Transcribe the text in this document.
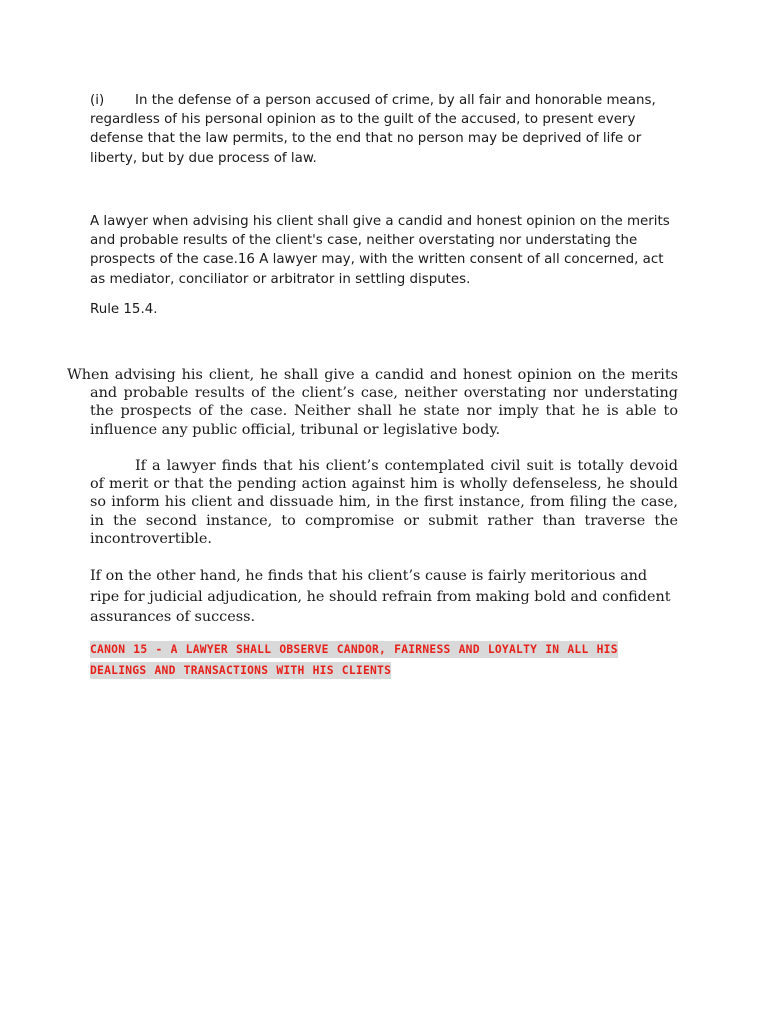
(i) In the defense of a person accused of crime, by all fair and honorable means, regardless of his personal opinion as to the guilt of the accused, to present every defense that the law permits, to the end that no person may be deprived of life or liberty, but by due process of law.

A lawyer when advising his client shall give a candid and honest opinion on the merits and probable results of the client's case, neither overstating nor understating the prospects of the case.16 A lawyer may, with the written consent of all concerned, act as mediator, conciliator or arbitrator in settling disputes.

Rule 15.4.

When advising his client, he shall give a candid and honest opinion on the merits and probable results of the client’s case, neither overstating nor understating the prospects of the case. Neither shall he state nor imply that he is able to influence any public official, tribunal or legislative body.

If a lawyer finds that his client’s contemplated civil suit is totally devoid of merit or that the pending action against him is wholly defenseless, he should so inform his client and dissuade him, in the first instance, from filing the case, in the second instance, to compromise or submit rather than traverse the incontrovertible.

If on the other hand, he finds that his client’s cause is fairly meritorious and ripe for judicial adjudication, he should refrain from making bold and confident assurances of success.

CANON 15 - A LAWYER SHALL OBSERVE CANDOR, FAIRNESS AND LOYALTY IN ALL HIS DEALINGS AND TRANSACTIONS WITH HIS CLIENTS
